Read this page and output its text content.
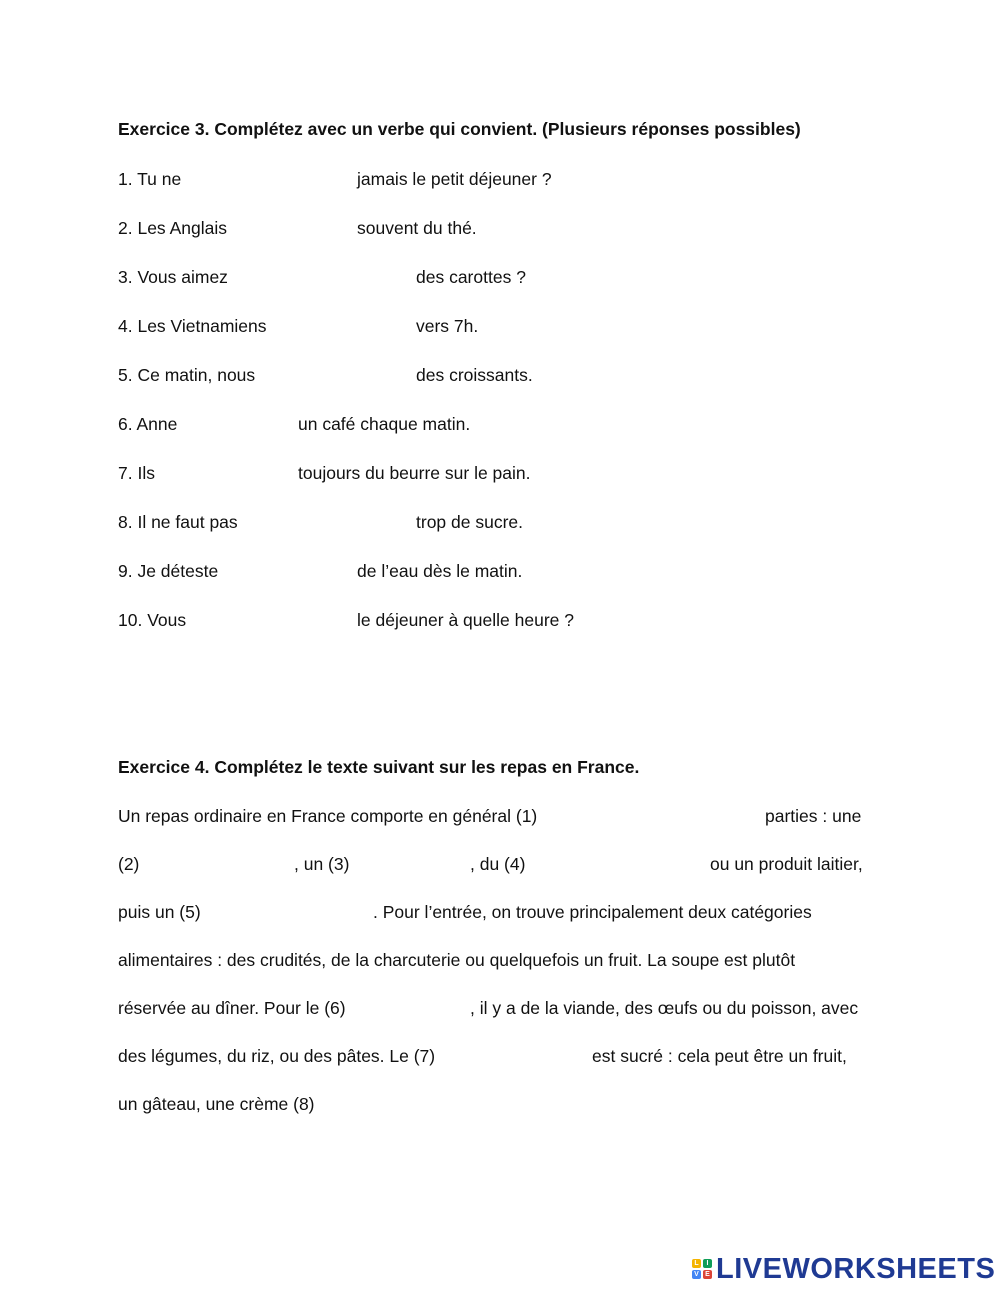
Exercice 3. Complétez avec un verbe qui convient. (Plusieurs réponses possibles)
1. Tu ne	jamais le petit déjeuner ?
2. Les Anglais	souvent du thé.
3. Vous aimez	des carottes ?
4. Les Vietnamiens	vers 7h.
5. Ce matin, nous	des croissants.
6. Anne	un café chaque matin.
7. Ils	toujours du beurre sur le pain.
8. Il ne faut pas	trop de sucre.
9. Je déteste	de l’eau dès le matin.
10. Vous	le déjeuner à quelle heure ?
Exercice 4. Complétez le texte suivant sur les repas en France.
Un repas ordinaire en France comporte en général (1)	parties : une
(2)	, un (3)	, du (4)	ou un produit laitier,
puis un (5)	. Pour l’entrée, on trouve principalement deux catégories
alimentaires : des crudités, de la charcuterie ou quelquefois un fruit. La soupe est plutôt
réservée au dîner. Pour le (6)	, il y a de la viande, des œufs ou du poisson, avec
des légumes, du riz, ou des pâtes. Le (7)	est sucré : cela peut être un fruit,
un gâteau, une crème (8)
L	I
V E LIVEWORKSHEETS
